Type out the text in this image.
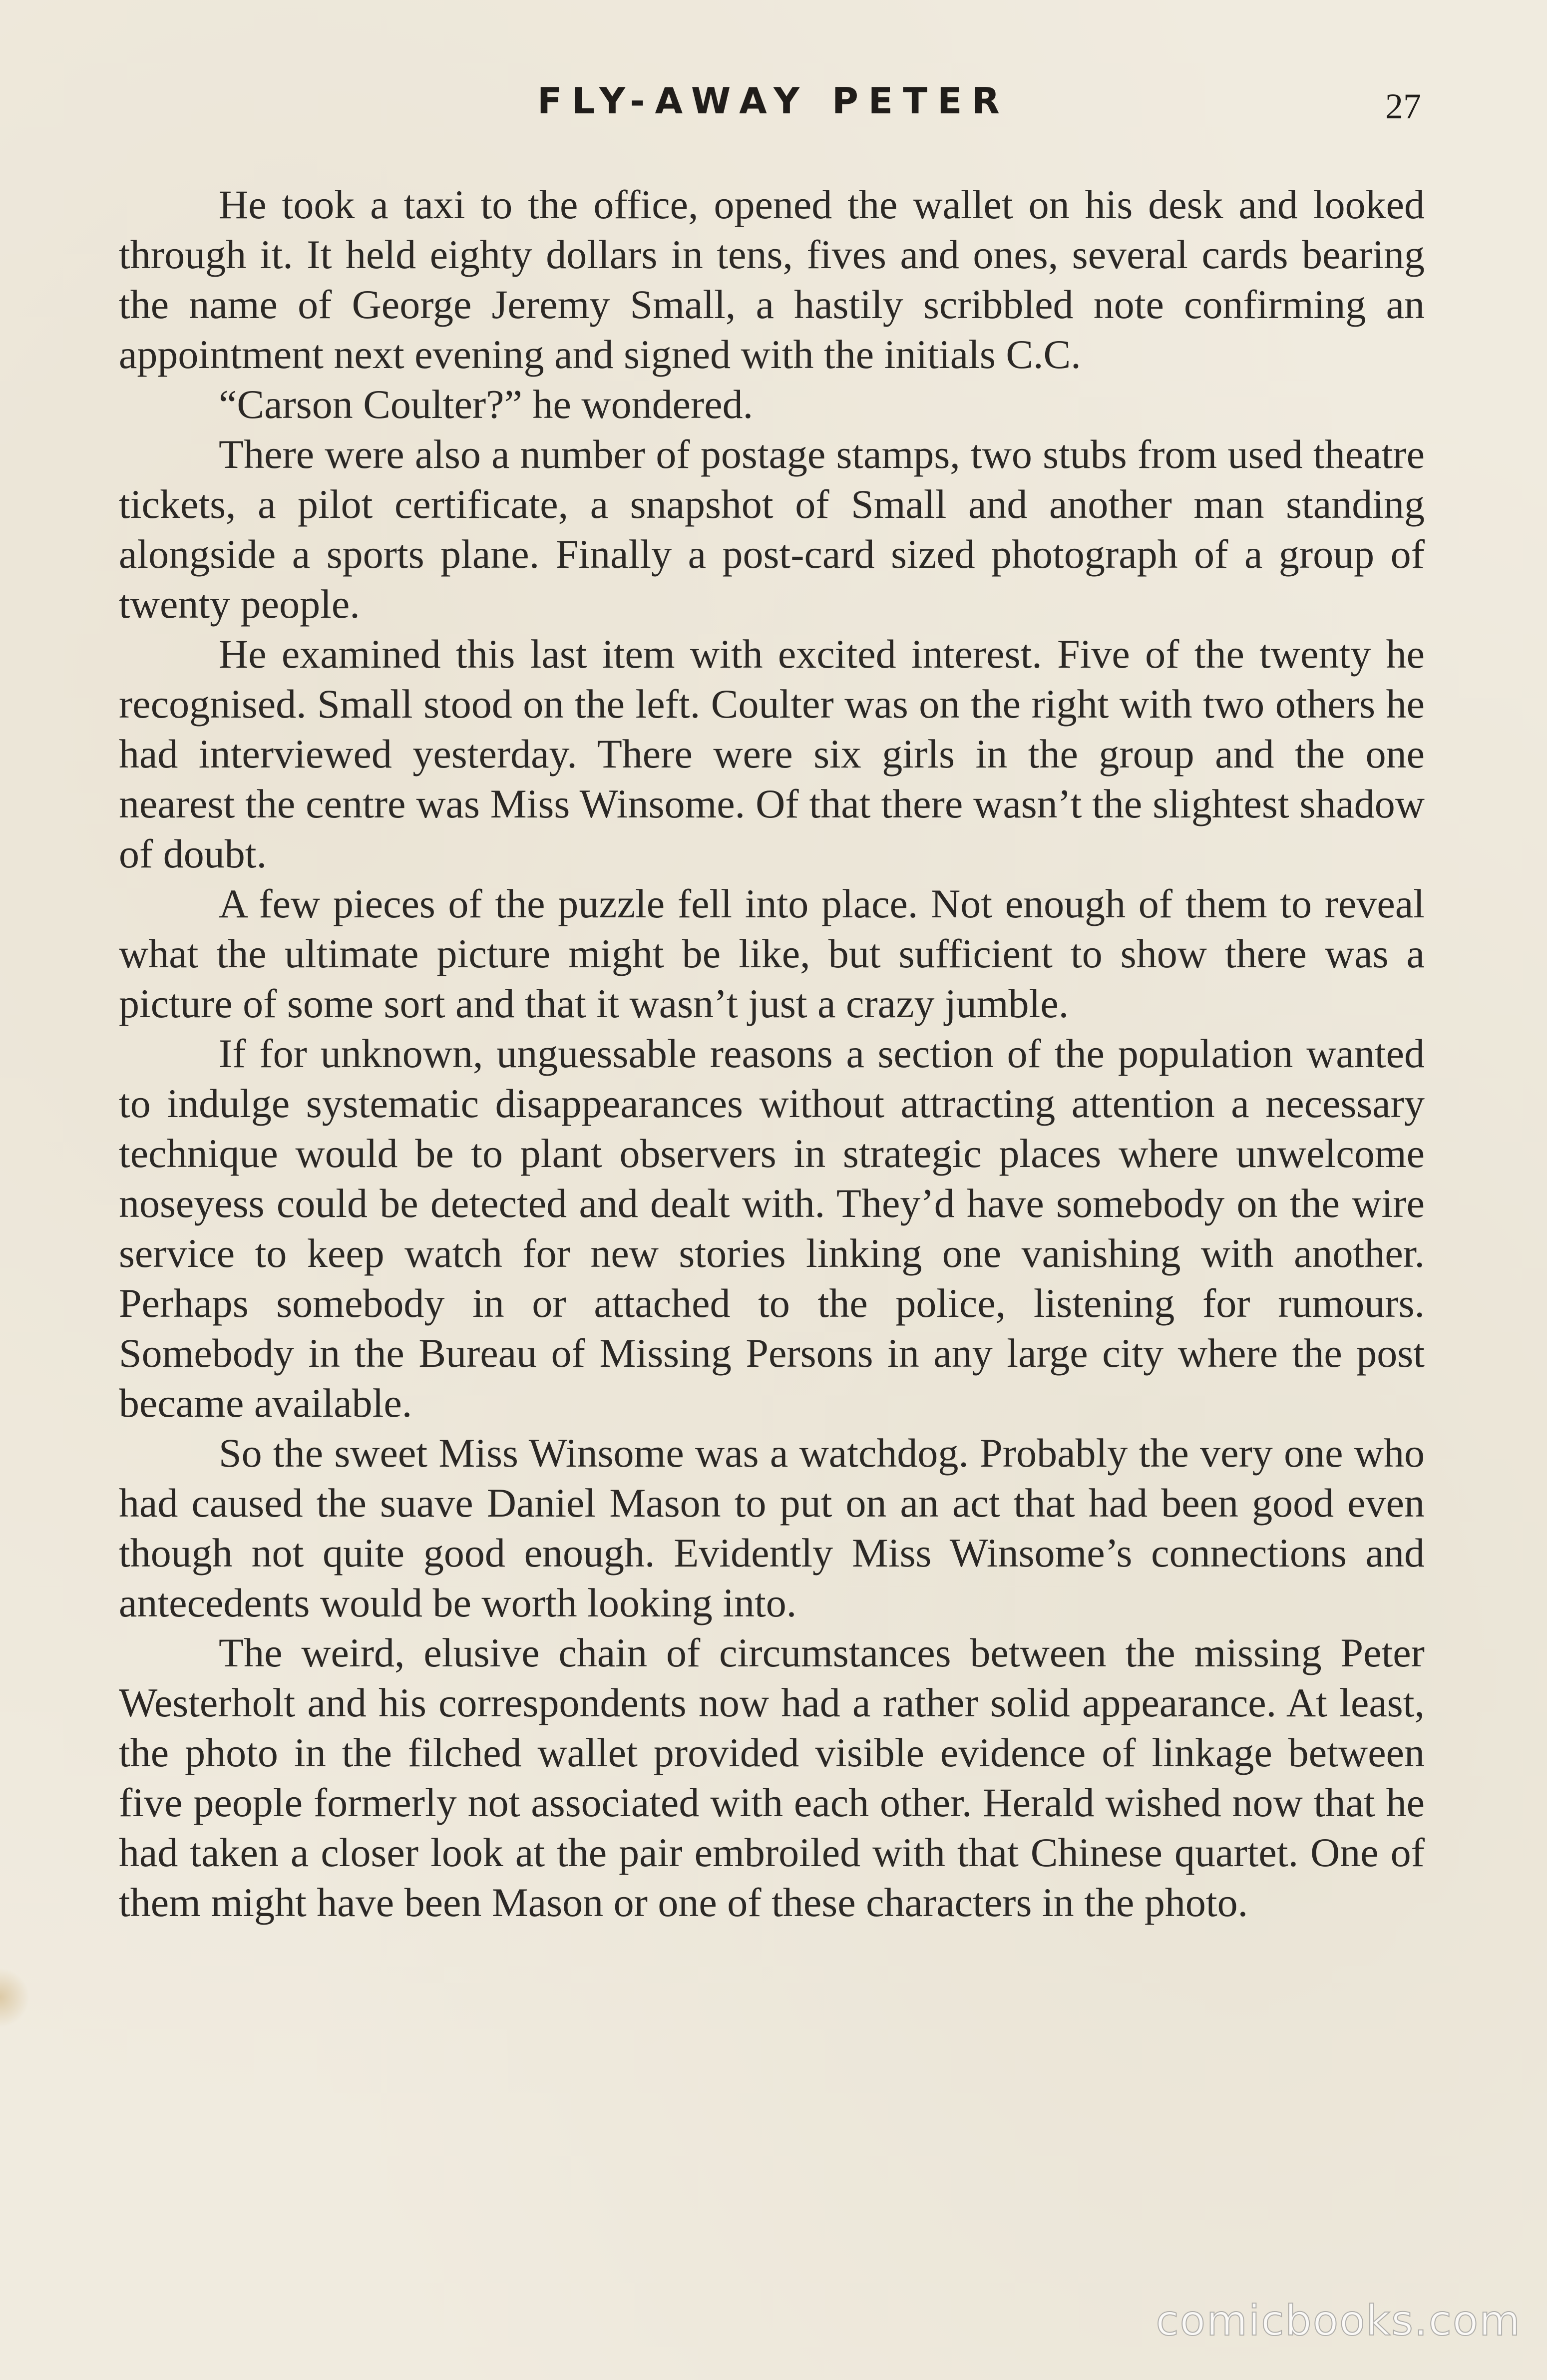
FLY-AWAY PETER	27

He took a taxi to the office, opened the wallet on his desk and looked through it. It held eighty dollars in tens, fives and ones, several cards bearing the name of George Jeremy Small, a hastily scribbled note confirming an appointment next evening and signed with the initials C.C.

“Carson Coulter?” he wondered.

There were also a number of postage stamps, two stubs from used theatre tickets, a pilot certificate, a snapshot of Small and another man standing alongside a sports plane. Finally a post-card sized photograph of a group of twenty people.

He examined this last item with excited interest. Five of the twenty he recognised. Small stood on the left. Coulter was on the right with two others he had interviewed yesterday. There were six girls in the group and the one nearest the centre was Miss Winsome. Of that there wasn’t the slightest shadow of doubt.

A few pieces of the puzzle fell into place. Not enough of them to reveal what the ultimate picture might be like, but sufficient to show there was a picture of some sort and that it wasn’t just a crazy jumble.

If for unknown, unguessable reasons a section of the population wanted to indulge systematic disappearances without attracting attention a necessary technique would be to plant observers in strategic places where unwelcome noseyess could be detected and dealt with. They’d have somebody on the wire service to keep watch for new stories linking one vanishing with another. Perhaps somebody in or attached to the police, listening for rumours. Somebody in the Bureau of Missing Persons in any large city where the post became available.

So the sweet Miss Winsome was a watchdog. Probably the very one who had caused the suave Daniel Mason to put on an act that had been good even though not quite good enough. Evidently Miss Winsome’s connections and antecedents would be worth looking into.

The weird, elusive chain of circumstances between the missing Peter Westerholt and his correspondents now had a rather solid appearance. At least, the photo in the filched wallet provided visible evidence of linkage between five people formerly not associated with each other. Herald wished now that he had taken a closer look at the pair embroiled with that Chinese quartet. One of them might have been Mason or one of these characters in the photo.

comicbooks.com
